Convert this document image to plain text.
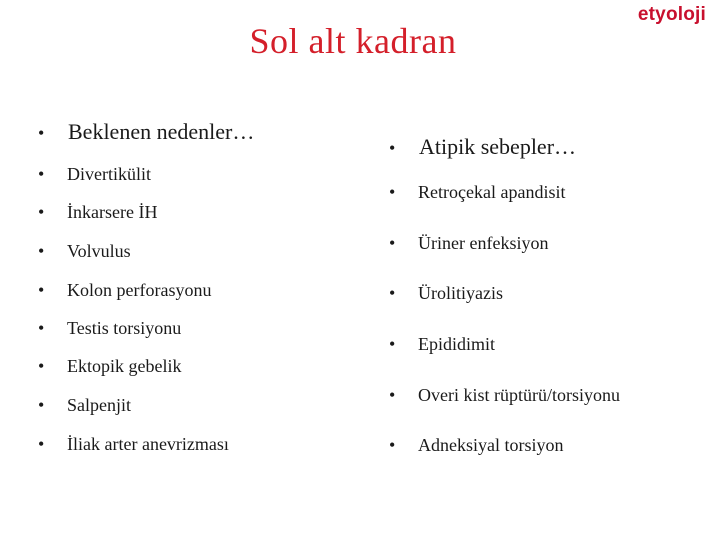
etyoloji
Sol alt kadran
• Beklenen nedenler…
• Divertikülit
• İnkarsere İH
• Volvulus
• Kolon perforasyonu
• Testis torsiyonu
• Ektopik gebelik
• Salpenjit
• İliak arter anevrizması
• Atipik sebepler…
• Retroçekal apandisit
• Üriner enfeksiyon
• Ürolitiyazis
• Epididimit
• Overi kist rüptürü/torsiyonu
• Adneksiyal torsiyon
